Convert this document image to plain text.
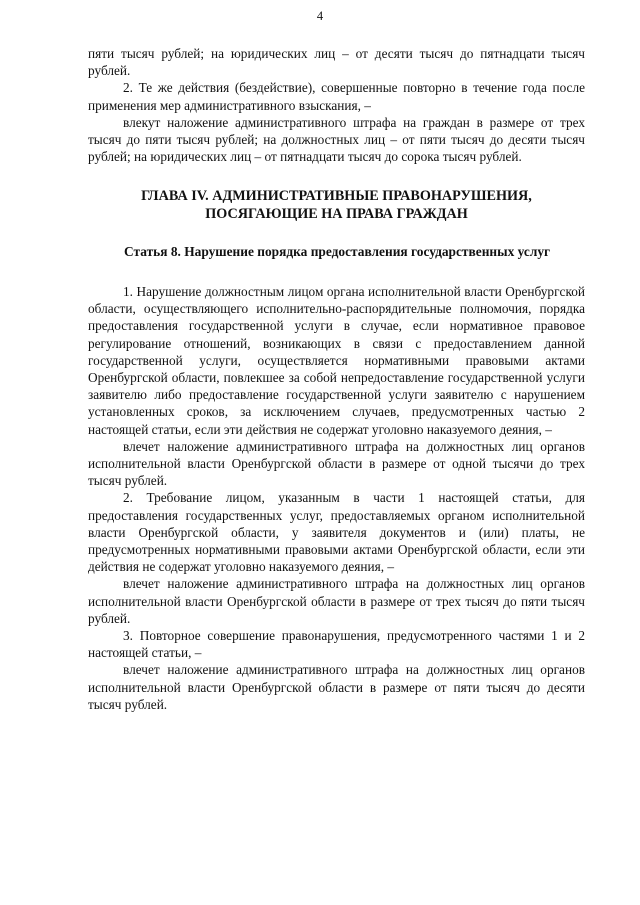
4

пяти тысяч рублей; на юридических лиц – от десяти тысяч до пятнадцати тысяч рублей.

2. Те же действия (бездействие), совершенные повторно в течение года после применения мер административного взыскания, –

влекут наложение административного штрафа на граждан в размере от трех тысяч до пяти тысяч рублей; на должностных лиц – от пяти тысяч до десяти тысяч рублей; на юридических лиц – от пятнадцати тысяч до сорока тысяч рублей.

ГЛАВА IV. АДМИНИСТРАТИВНЫЕ ПРАВОНАРУШЕНИЯ,
ПОСЯГАЮЩИЕ НА ПРАВА ГРАЖДАН
Статья 8. Нарушение порядка предоставления государственных услуг

1. Нарушение должностным лицом органа исполнительной власти Оренбургской области, осуществляющего исполнительно-распорядительные полномочия, порядка предоставления государственной услуги в случае, если нормативное правовое регулирование отношений, возникающих в связи с предоставлением данной государственной услуги, осуществляется нормативными правовыми актами Оренбургской области, повлекшее за собой непредоставление государственной услуги заявителю либо предоставление государственной услуги заявителю с нарушением установленных сроков, за исключением случаев, предусмотренных частью 2 настоящей статьи, если эти действия не содержат уголовно наказуемого деяния, –

влечет наложение административного штрафа на должностных лиц органов исполнительной власти Оренбургской области в размере от одной тысячи до трех тысяч рублей.

2. Требование лицом, указанным в части 1 настоящей статьи, для предоставления государственных услуг, предоставляемых органом исполнительной власти Оренбургской области, у заявителя документов и (или) платы, не предусмотренных нормативными правовыми актами Оренбургской области, если эти действия не содержат уголовно наказуемого деяния, –

влечет наложение административного штрафа на должностных лиц органов исполнительной власти Оренбургской области в размере от трех тысяч до пяти тысяч рублей.

3. Повторное совершение правонарушения, предусмотренного частями 1 и 2 настоящей статьи, –

влечет наложение административного штрафа на должностных лиц органов исполнительной власти Оренбургской области в размере от пяти тысяч до десяти тысяч рублей.
